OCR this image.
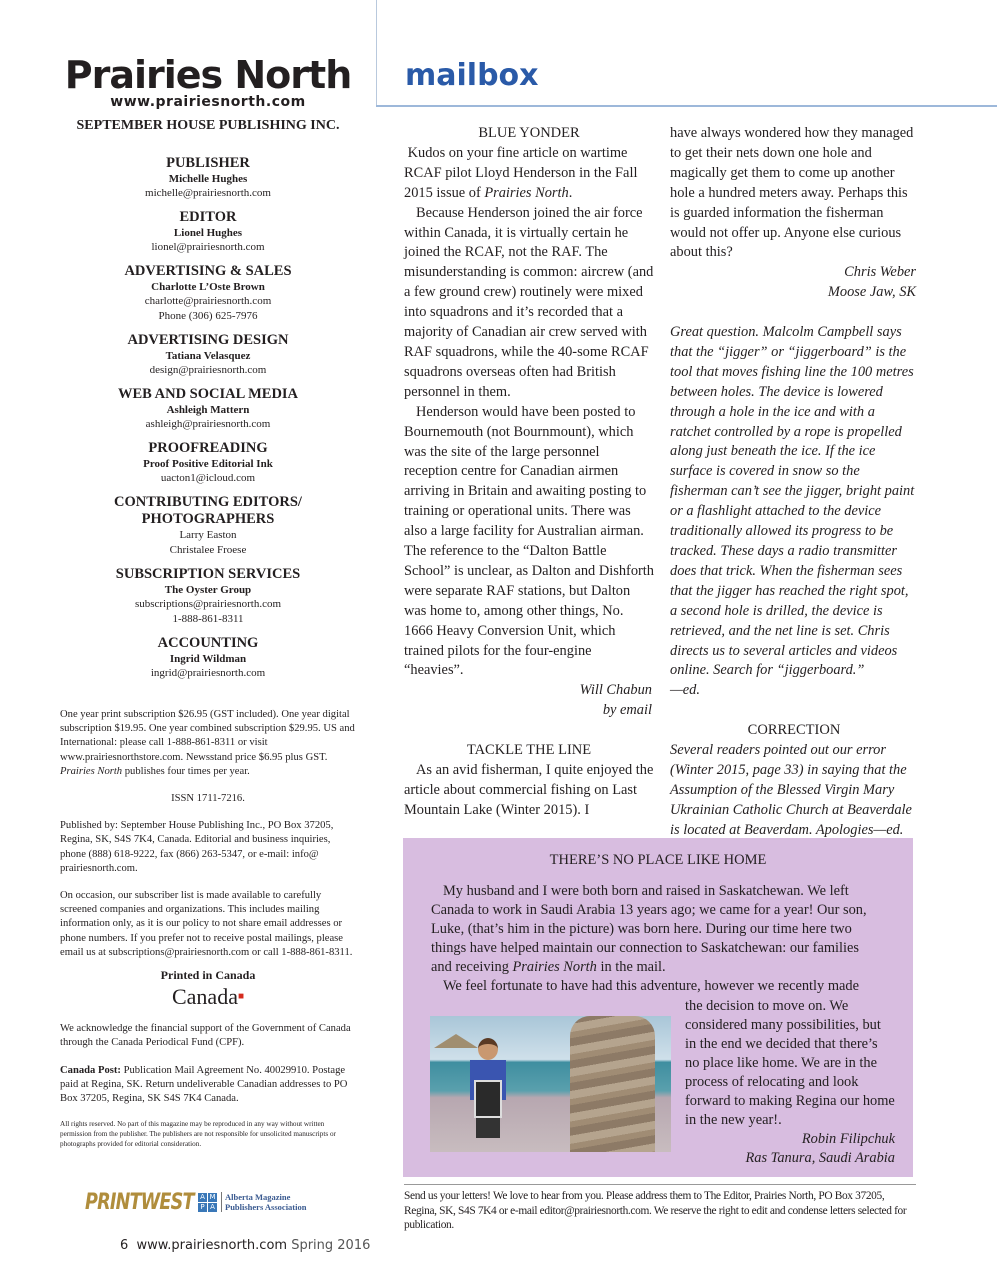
Prairies North
www.prairiesnorth.com
SEPTEMBER HOUSE PUBLISHING INC.
mailbox
PUBLISHER
Michelle Hughes
michelle@prairiesnorth.com
EDITOR
Lionel Hughes
lionel@prairiesnorth.com
ADVERTISING & SALES
Charlotte L’Oste Brown
charlotte@prairiesnorth.com
Phone (306) 625-7976
ADVERTISING DESIGN
Tatiana Velasquez
design@prairiesnorth.com
WEB AND SOCIAL MEDIA
Ashleigh Mattern
ashleigh@prairiesnorth.com
PROOFREADING
Proof Positive Editorial Ink
uacton1@icloud.com
CONTRIBUTING EDITORS/ PHOTOGRAPHERS
Larry Easton
Christalee Froese
SUBSCRIPTION SERVICES
The Oyster Group
subscriptions@prairiesnorth.com
1-888-861-8311
ACCOUNTING
Ingrid Wildman
ingrid@prairiesnorth.com

One year print subscription $26.95 (GST included). One year digital subscription $19.95. One year combined subscription $29.95. US and International: please call 1-888-861-8311 or visit www.prairiesnorthstore.com. Newsstand price $6.95 plus GST. Prairies North publishes four times per year.

ISSN 1711-7216.

Published by: September House Publishing Inc., PO Box 37205, Regina, SK, S4S 7K4, Canada. Editorial and business inquiries, phone (888) 618-9222, fax (866) 263-5347, or e-mail: info@ prairiesnorth.com.

On occasion, our subscriber list is made available to carefully screened companies and organizations. This includes mailing information only, as it is our policy to not share email addresses or phone numbers. If you prefer not to receive postal mailings, please email us at subscriptions@prairiesnorth.com or call 1-888-861-8311.

Printed in Canada
Canada■

We acknowledge the financial support of the Government of Canada through the Canada Periodical Fund (CPF).

Canada Post: Publication Mail Agreement No. 40029910. Postage paid at Regina, SK. Return undeliverable Canadian addresses to PO Box 37205, Regina, SK S4S 7K4 Canada.

All rights reserved. No part of this magazine may be reproduced in any way without written permission from the publisher. The publishers are not responsible for unsolicited manuscripts or photographs provided for editorial consideration.

PRINTWEST A M
P A
Alberta Magazine
Publishers Association
6 www.prairiesnorth.com Spring 2016
BLUE YONDER

Kudos on your fine article on wartime RCAF pilot Lloyd Henderson in the Fall 2015 issue of Prairies North.

Because Henderson joined the air force within Canada, it is virtually certain he joined the RCAF, not the RAF. The misunderstanding is common: aircrew (and a few ground crew) routinely were mixed into squadrons and it’s recorded that a majority of Canadian air crew served with RAF squadrons, while the 40-some RCAF squadrons overseas often had British personnel in them.

Henderson would have been posted to Bournemouth (not Bournmount), which was the site of the large personnel reception centre for Canadian airmen arriving in Britain and awaiting posting to training or operational units. There was also a large facility for Australian airman. The reference to the “Dalton Battle School” is unclear, as Dalton and Dishforth were separate RAF stations, but Dalton was home to, among other things, No. 1666 Heavy Conversion Unit, which trained pilots for the four-engine “heavies”.

Will Chabun

by email

TACKLE THE LINE

As an avid fisherman, I quite enjoyed the article about commercial fishing on Last Mountain Lake (Winter 2015). I

have always wondered how they managed to get their nets down one hole and magically get them to come up another hole a hundred meters away. Perhaps this is guarded information the fisherman would not offer up. Anyone else curious about this?

Chris Weber

Moose Jaw, SK

Great question. Malcolm Campbell says that the “jigger” or “jiggerboard” is the tool that moves fishing line the 100 metres between holes. The device is lowered through a hole in the ice and with a ratchet controlled by a rope is propelled along just beneath the ice. If the ice surface is covered in snow so the fisherman can’t see the jigger, bright paint or a flashlight attached to the device traditionally allowed its progress to be tracked. These days a radio transmitter does that trick. When the fisherman sees that the jigger has reached the right spot, a second hole is drilled, the device is retrieved, and the net line is set. Chris directs us to several articles and videos online. Search for “jiggerboard.”

—ed.

CORRECTION

Several readers pointed out our error (Winter 2015, page 33) in saying that the Assumption of the Blessed Virgin Mary Ukrainian Catholic Church at Beaverdale is located at Beaverdam. Apologies—ed.

THERE’S NO PLACE LIKE HOME

My husband and I were both born and raised in Saskatchewan. We left Canada to work in Saudi Arabia 13 years ago; we came for a year! Our son, Luke, (that’s him in the picture) was born here. During our time here two things have helped maintain our connection to Saskatchewan: our families and receiving Prairies North in the mail.

We feel fortunate to have had this adventure, however we recently made

the decision to move on. We considered many possibilities, but in the end we decided that there’s no place like home. We are in the process of relocating and look forward to making Regina our home in the new year!.

Robin Filipchuk

Ras Tanura, Saudi Arabia

Send us your letters! We love to hear from you. Please address them to The Editor, Prairies North, PO Box 37205, Regina, SK, S4S 7K4 or e-mail editor@prairiesnorth.com. We reserve the right to edit and condense letters selected for publication.
